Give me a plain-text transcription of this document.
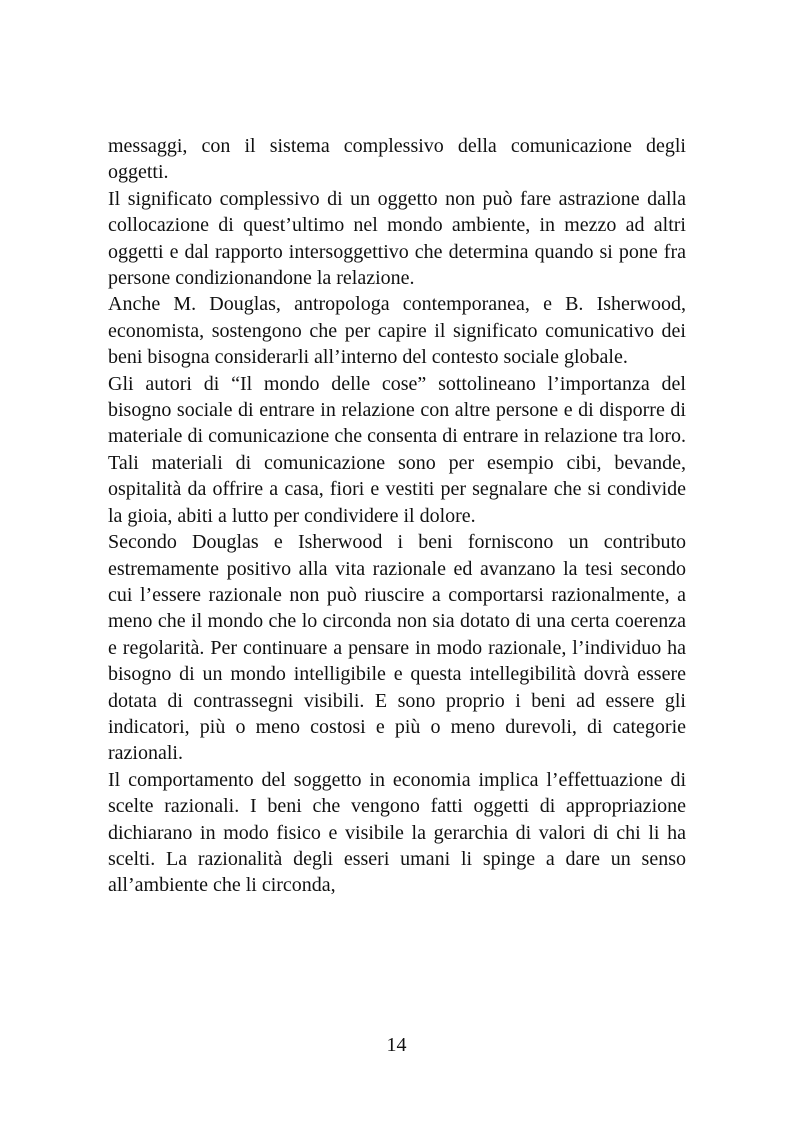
messaggi, con il sistema complessivo della comunicazione degli oggetti.

Il significato complessivo di un oggetto non può fare astrazione dalla collocazione di quest’ultimo nel mondo ambiente, in mezzo ad altri oggetti e dal rapporto intersoggettivo che determina quando si pone fra persone condizionandone la relazione.

Anche M. Douglas, antropologa contemporanea, e B. Isherwood, economista, sostengono che per capire il significato comunicativo dei beni bisogna considerarli all’interno del contesto sociale globale.

Gli autori di “Il mondo delle cose” sottolineano l’importanza del bisogno sociale di entrare in relazione con altre persone e di disporre di materiale di comunicazione che consenta di entrare in relazione tra loro. Tali materiali di comunicazione sono per esempio cibi, bevande, ospitalità da offrire a casa, fiori e vestiti per segnalare che si condivide la gioia, abiti a lutto per condividere il dolore.

Secondo Douglas e Isherwood i beni forniscono un contributo estremamente positivo alla vita razionale ed avanzano la tesi secondo cui l’essere razionale non può riuscire a comportarsi razionalmente, a meno che il mondo che lo circonda non sia dotato di una certa coerenza e regolarità. Per continuare a pensare in modo razionale, l’individuo ha bisogno di un mondo intelligibile e questa intellegibilità dovrà essere dotata di contrassegni visibili. E sono proprio i beni ad essere gli indicatori, più o meno costosi e più o meno durevoli, di categorie razionali.

Il comportamento del soggetto in economia implica l’effettuazione di scelte razionali. I beni che vengono fatti oggetti di appropriazione dichiarano in modo fisico e visibile la gerarchia di valori di chi li ha scelti. La razionalità degli esseri umani li spinge a dare un senso all’ambiente che li circonda,

14
